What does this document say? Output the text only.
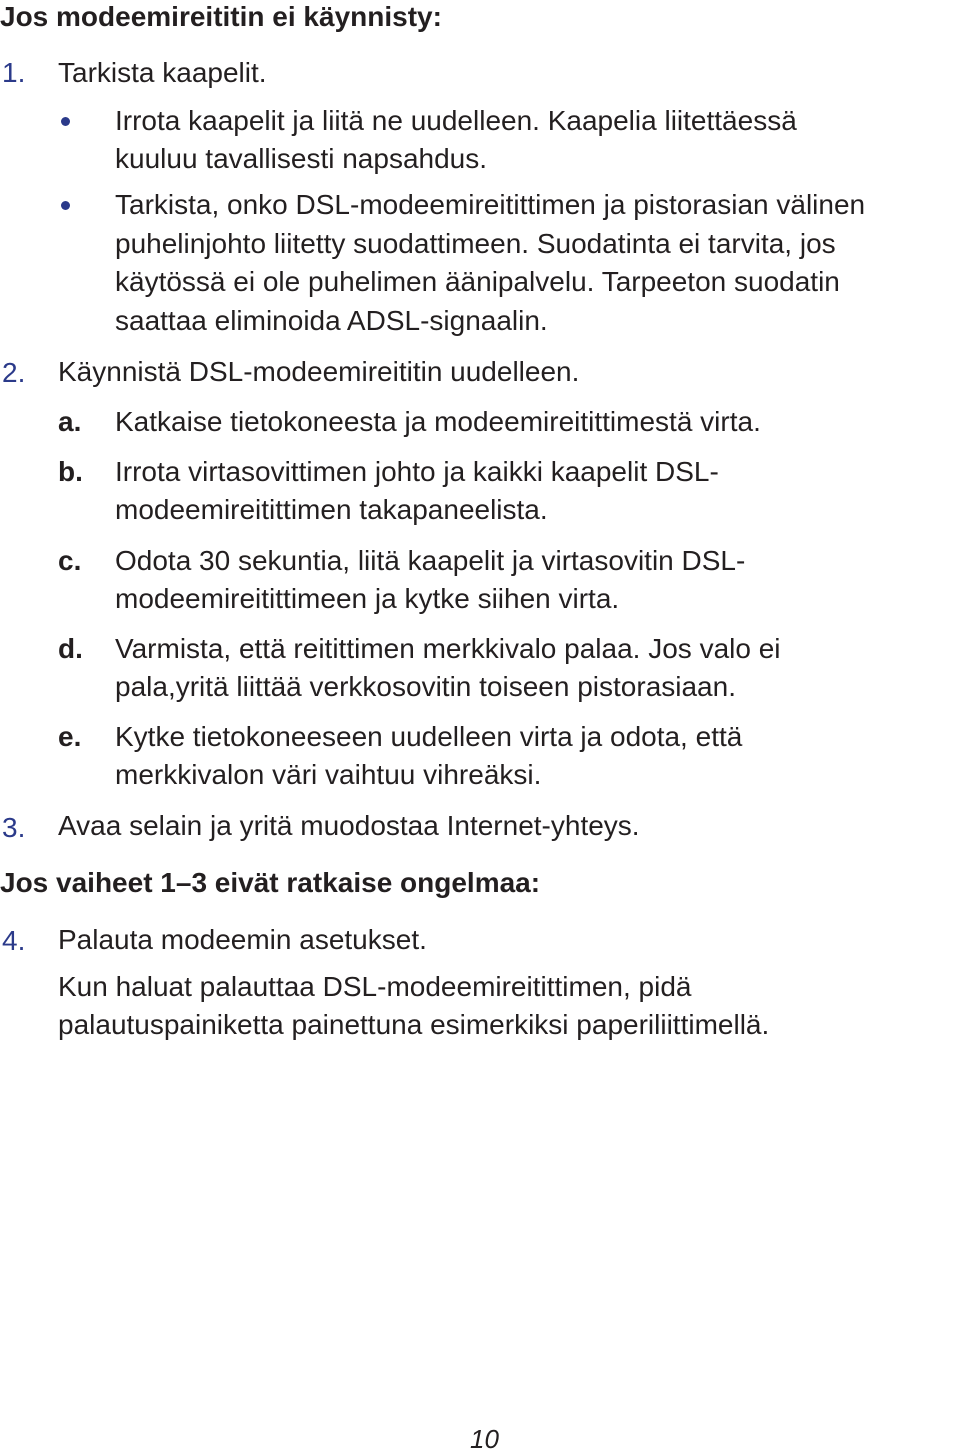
Jos modeemireititin ei käynnisty:
1. Tarkista kaapelit.
Irrota kaapelit ja liitä ne uudelleen. Kaapelia liitettäessä
kuuluu tavallisesti napsahdus.
Tarkista, onko DSL-modeemireitittimen ja pistorasian välinen
puhelinjohto liitetty suodattimeen. Suodatinta ei tarvita, jos
käytössä ei ole puhelimen äänipalvelu. Tarpeeton suodatin
saattaa eliminoida ADSL-signaalin.
2. Käynnistä DSL-modeemireititin uudelleen.
a. Katkaise tietokoneesta ja modeemireitittimestä virta.
b. Irrota virtasovittimen johto ja kaikki kaapelit DSL-
modeemireitittimen takapaneelista.
c. Odota 30 sekuntia, liitä kaapelit ja virtasovitin DSL-
modeemireitittimeen ja kytke siihen virta.
d. Varmista, että reitittimen merkkivalo palaa. Jos valo ei
pala,yritä liittää verkkosovitin toiseen pistorasiaan.
e. Kytke tietokoneeseen uudelleen virta ja odota, että
merkkivalon väri vaihtuu vihreäksi.
3. Avaa selain ja yritä muodostaa Internet-yhteys.
Jos vaiheet 1–3 eivät ratkaise ongelmaa:
4. Palauta modeemin asetukset.
Kun haluat palauttaa DSL-modeemireitittimen, pidä
palautuspainiketta painettuna esimerkiksi paperiliittimellä.
10
